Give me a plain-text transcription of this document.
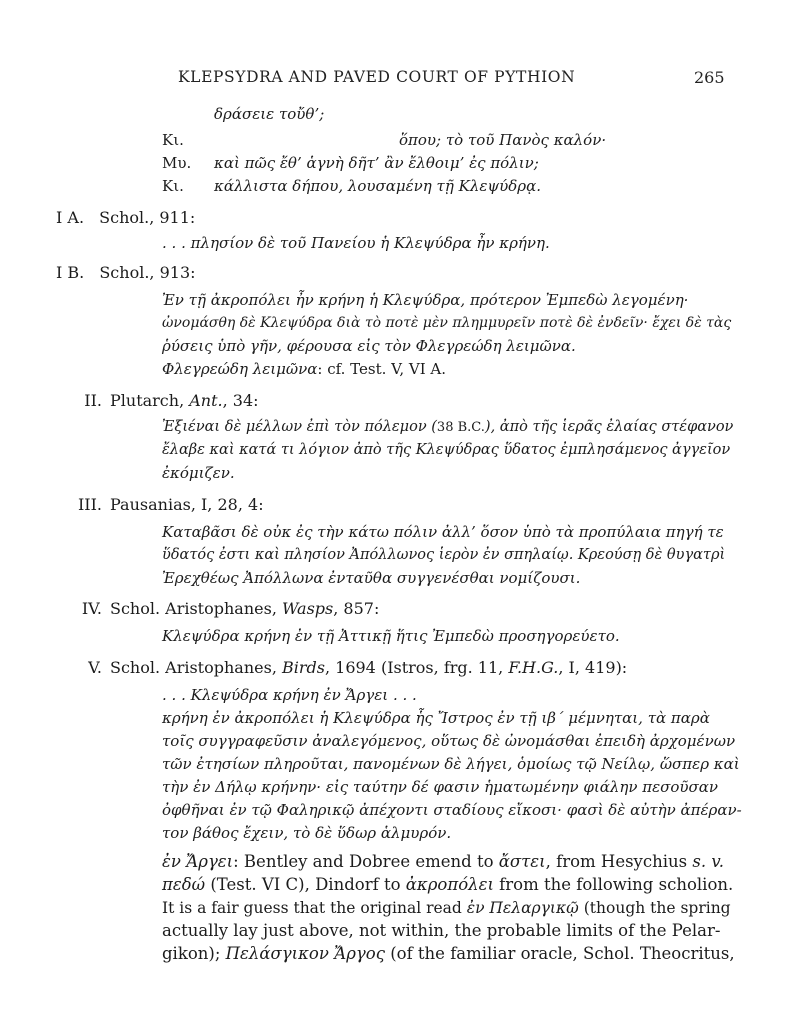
KLEPSYDRA AND PAVED COURT OF PYTHION	265
δράσειε τοὔθ’;
Κι.	ὅπου; τὸ τοῦ Πανὸς καλόν·
Μυ. καὶ πῶς ἔθ’ ἁγνὴ δῆτ’ ἂν ἔλθοιμ’ ἐς πόλιν;
Κι. κάλλιστα δήπου, λουσαμένη τῇ Κλεψύδρᾳ.
I A. Schol., 911:
. . . πλησίον δὲ τοῦ Πανείου ἡ Κλεψύδρα ἦν κρήνη.
I B. Schol., 913:
Ἐν τῇ ἀκροπόλει ἦν κρήνη ἡ Κλεψύδρα, πρότερον Ἐμπεδὼ λεγομένη·
ὠνομάσθη δὲ Κλεψύδρα διὰ τὸ ποτὲ μὲν πλημμυρεῖν ποτὲ δὲ ἐνδεῖν· ἔχει δὲ τὰς
ῥύσεις ὑπὸ γῆν, φέρουσα εἰς τὸν Φλεγρεώδη λειμῶνα.
Φλεγρεώδη λειμῶνα: cf. Test. V, VI A.
II. Plutarch, Ant., 34:
Ἐξιέναι δὲ μέλλων ἐπὶ τὸν πόλεμον (38 B.C.), ἀπὸ τῆς ἱερᾶς ἐλαίας στέφανον
ἔλαβε καὶ κατά τι λόγιον ἀπὸ τῆς Κλεψύδρας ὕδατος ἐμπλησάμενος ἀγγεῖον
ἐκόμιζεν.
III. Pausanias, I, 28, 4:
Καταβᾶσι δὲ οὐκ ἐς τὴν κάτω πόλιν ἀλλ’ ὅσον ὑπὸ τὰ προπύλαια πηγή τε
ὕδατός ἐστι καὶ πλησίον Ἀπόλλωνος ἱερὸν ἐν σπηλαίῳ. Κρεούσῃ δὲ θυγατρὶ
Ἐρεχθέως Ἀπόλλωνα ἐνταῦθα συγγενέσθαι νομίζουσι.
IV. Schol. Aristophanes, Wasps, 857:
Κλεψύδρα κρήνη ἐν τῇ Ἀττικῇ ἥτις Ἐμπεδὼ προσηγορεύετο.
V. Schol. Aristophanes, Birds, 1694 (Istros, frg. 11, F.H.G., I, 419):
. . . Κλεψύδρα κρήνη ἐν Ἄργει . . .
κρήνη ἐν ἀκροπόλει ἡ Κλεψύδρα ἧς Ἴστρος ἐν τῇ ιβ΄ μέμνηται, τὰ παρὰ
τοῖς συγγραφεῦσιν ἀναλεγόμενος, οὕτως δὲ ὠνομάσθαι ἐπειδὴ ἀρχομένων
τῶν ἐτησίων πληροῦται, πανομένων δὲ λήγει, ὁμοίως τῷ Νείλῳ, ὥσπερ καὶ
τὴν ἐν Δήλῳ κρήνην· εἰς ταύτην δέ φασιν ἡματωμένην φιάλην πεσοῦσαν
ὀφθῆναι ἐν τῷ Φαληρικῷ ἀπέχοντι σταδίους εἴκοσι· φασὶ δὲ αὐτὴν ἀπέραν-
τον βάθος ἔχειν, τὸ δὲ ὕδωρ ἁλμυρόν.
ἐν Ἄργει: Bentley and Dobree emend to ἄστει, from Hesychius s. v.
πεδώ (Test. VI C), Dindorf to ἀκροπόλει from the following scholion.
It is a fair guess that the original read ἐν Πελαργικῷ (though the spring
actually lay just above, not within, the probable limits of the Pelar-
gikon); Πελάσγικον Ἄργος (of the familiar oracle, Schol. Theocritus,
